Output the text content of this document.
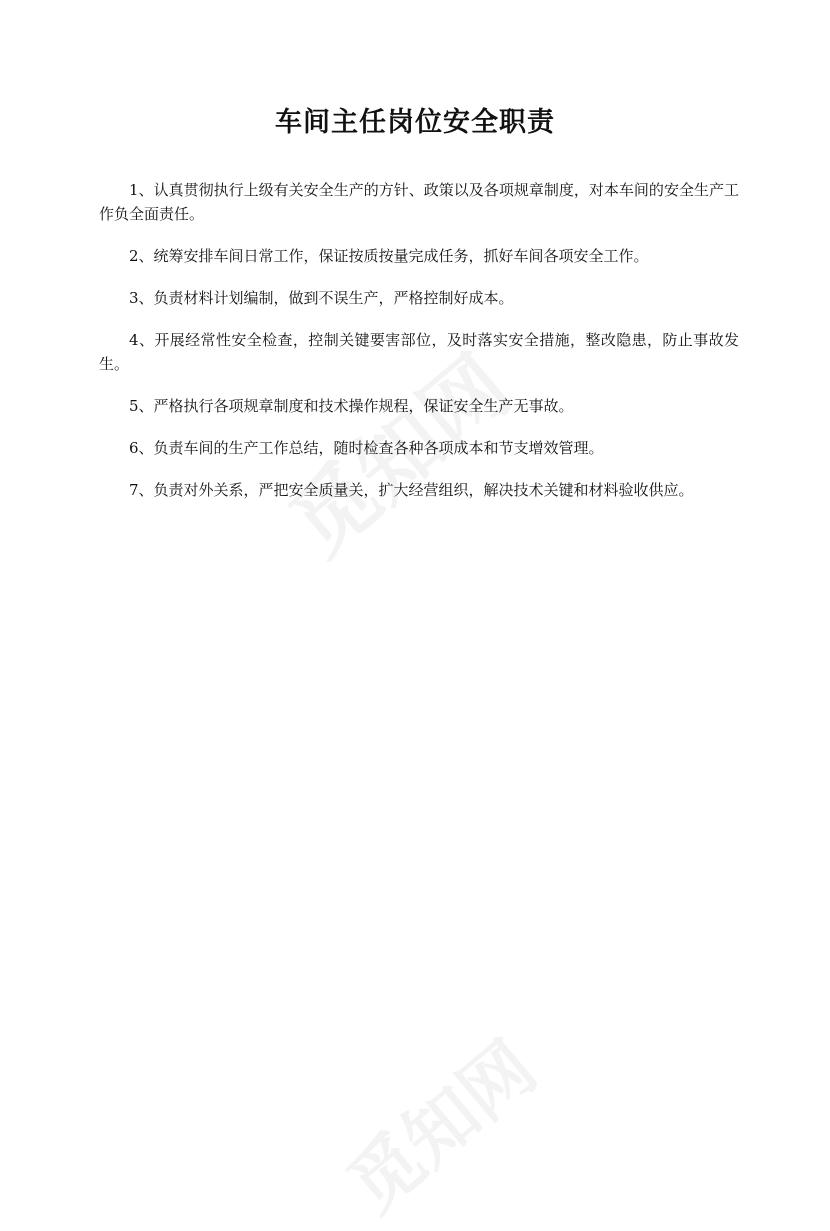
车间主任岗位安全职责

1、认真贯彻执行上级有关安全生产的方针、政策以及各项规章制度，对本车间的安全生产工作负全面责任。

2、统筹安排车间日常工作，保证按质按量完成任务，抓好车间各项安全工作。

3、负责材料计划编制，做到不误生产，严格控制好成本。

4、开展经常性安全检查，控制关键要害部位，及时落实安全措施，整改隐患，防止事故发生。

5、严格执行各项规章制度和技术操作规程，保证安全生产无事故。

6、负责车间的生产工作总结，随时检查各种各项成本和节支增效管理。

7、负责对外关系，严把安全质量关，扩大经营组织，解决技术关键和材料验收供应。
